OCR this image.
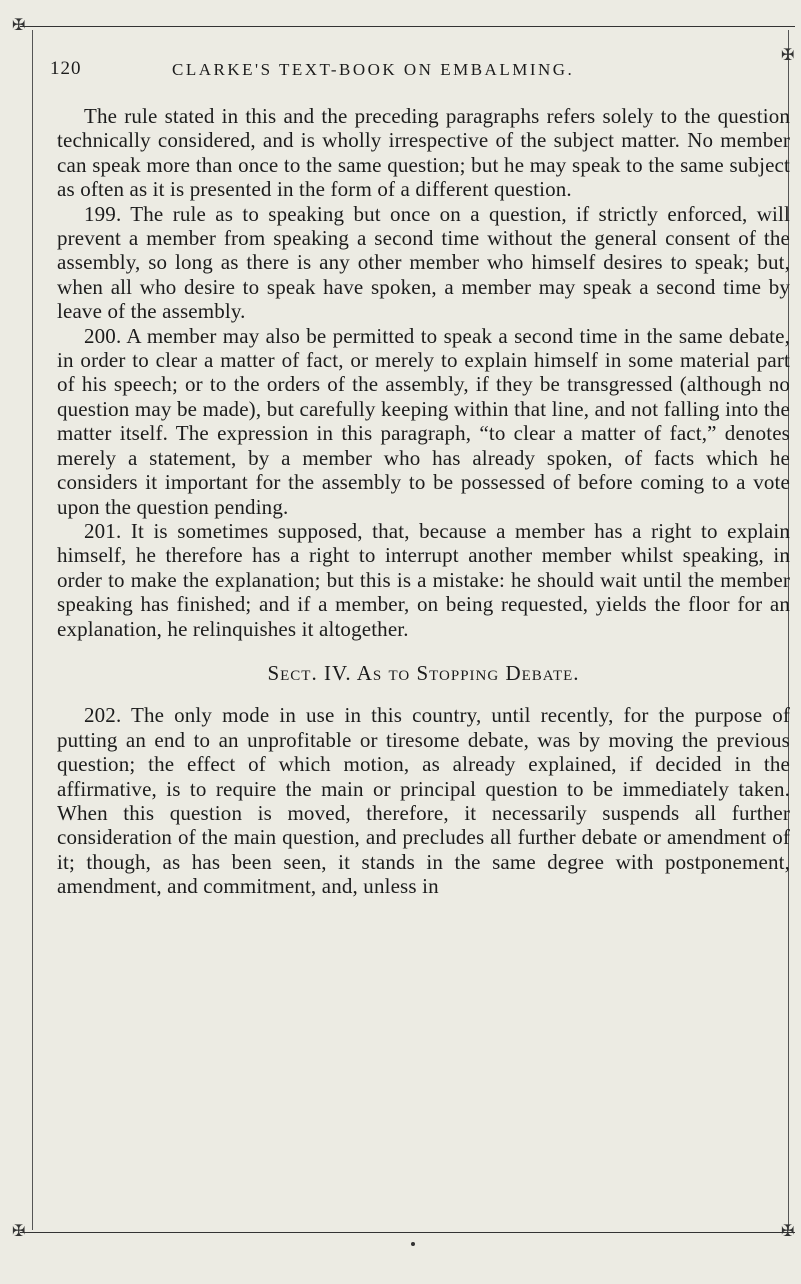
✠
✠
✠	✠
120	CLARKE'S TEXT-BOOK ON EMBALMING.

The rule stated in this and the preceding paragraphs refers solely to the question technically considered, and is wholly irrespective of the subject matter. No member can speak more than once to the same question; but he may speak to the same subject as often as it is presented in the form of a different question.

199. The rule as to speaking but once on a question, if strictly enforced, will prevent a member from speaking a second time without the general consent of the assembly, so long as there is any other member who himself desires to speak; but, when all who desire to speak have spoken, a member may speak a second time by leave of the assembly.

200. A member may also be permitted to speak a second time in the same debate, in order to clear a matter of fact, or merely to explain himself in some material part of his speech; or to the orders of the assembly, if they be transgressed (although no question may be made), but carefully keeping within that line, and not falling into the matter itself. The expression in this paragraph, “to clear a matter of fact,” denotes merely a statement, by a member who has already spoken, of facts which he considers it important for the assembly to be possessed of before coming to a vote upon the question pending.

201. It is sometimes supposed, that, because a member has a right to explain himself, he therefore has a right to interrupt another member whilst speaking, in order to make the explanation; but this is a mistake: he should wait until the member speaking has finished; and if a member, on being requested, yields the floor for an explanation, he relinquishes it altogether.

Sect. IV. As to Stopping Debate.

202. The only mode in use in this country, until recently, for the purpose of putting an end to an unprofitable or tiresome debate, was by moving the previous question; the effect of which motion, as already explained, if decided in the affirmative, is to require the main or principal question to be immediately taken. When this question is moved, therefore, it necessarily suspends all further consideration of the main question, and precludes all further debate or amendment of it; though, as has been seen, it stands in the same degree with postponement, amendment, and commitment, and, unless in
